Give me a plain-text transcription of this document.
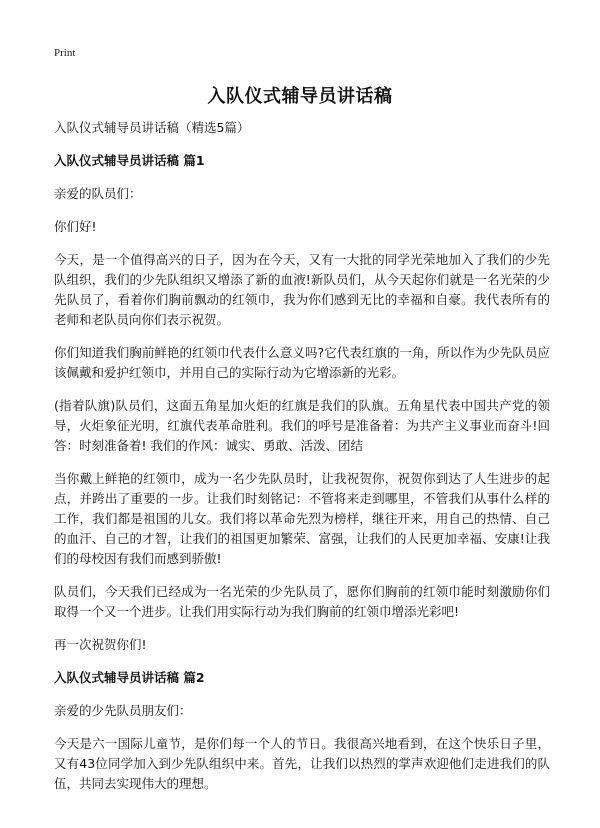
Print
入队仪式辅导员讲话稿
入队仪式辅导员讲话稿（精选5篇）
入队仪式辅导员讲话稿 篇1
亲爱的队员们：
你们好!
今天，是一个值得高兴的日子，因为在今天，又有一大批的同学光荣地加入了我们的少先队组织，我们的少先队组织又增添了新的血液!新队员们，从今天起你们就是一名光荣的少先队员了，看着你们胸前飘动的红领巾，我为你们感到无比的幸福和自豪。我代表所有的老师和老队员向你们表示祝贺。
你们知道我们胸前鲜艳的红领巾代表什么意义吗?它代表红旗的一角，所以作为少先队员应该佩戴和爱护红领巾，并用自己的实际行动为它增添新的光彩。
(指着队旗)队员们，这面五角星加火炬的红旗是我们的队旗。五角星代表中国共产党的领导，火炬象征光明，红旗代表革命胜利。我们的呼号是准备着：为共产主义事业而奋斗!回答：时刻准备着! 我们的作风：诚实、勇敢、活泼、团结
当你戴上鲜艳的红领巾，成为一名少先队员时，让我祝贺你，祝贺你到达了人生进步的起点，并跨出了重要的一步。让我们时刻铭记：不管将来走到哪里，不管我们从事什么样的工作，我们都是祖国的儿女。我们将以革命先烈为榜样，继往开来，用自己的热情、自己的血汗、自己的才智，让我们的祖国更加繁荣、富强，让我们的人民更加幸福、安康!让我们的母校因有我们而感到骄傲!
队员们，今天我们已经成为一名光荣的少先队员了，愿你们胸前的红领巾能时刻激励你们取得一个又一个进步。让我们用实际行动为我们胸前的红领巾增添光彩吧!
再一次祝贺你们!
入队仪式辅导员讲话稿 篇2
亲爱的少先队员朋友们：
今天是六一国际儿童节，是你们每一个人的节日。我很高兴地看到，在这个快乐日子里，又有43位同学加入到少先队组织中来。首先，让我们以热烈的掌声欢迎他们走进我们的队伍，共同去实现伟大的理想。
